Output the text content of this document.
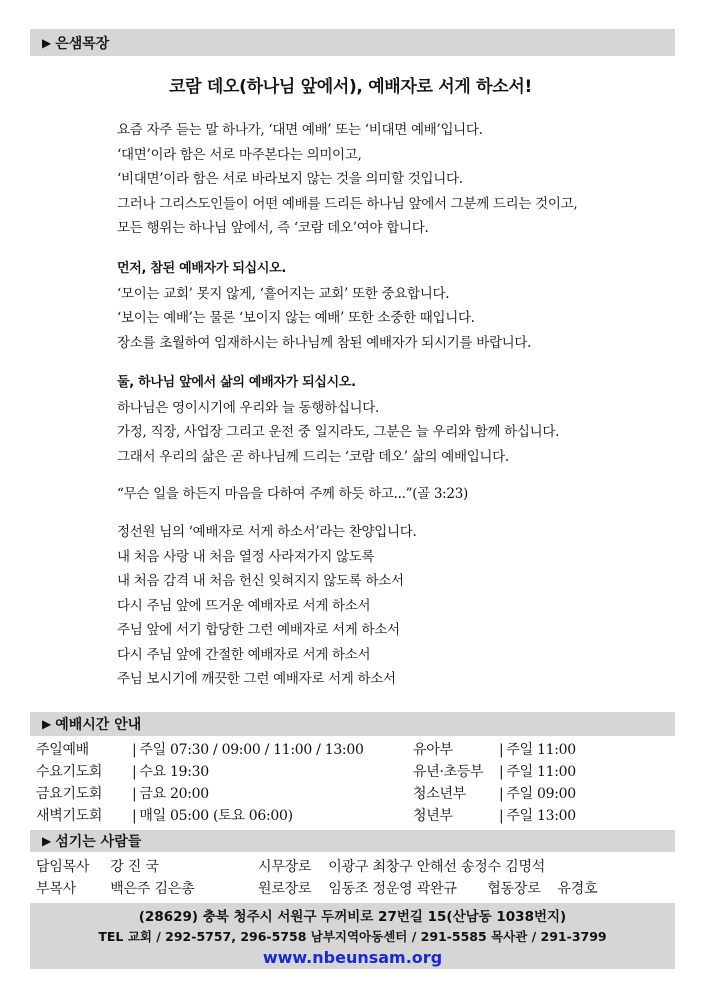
▶ 은샘목장
코람 데오(하나님 앞에서), 예배자로 서게 하소서!
요즘 자주 듣는 말 하나가, ‘대면 예배’ 또는 ‘비대면 예배’입니다.
‘대면’이라 함은 서로 마주본다는 의미이고,
‘비대면’이라 함은 서로 바라보지 않는 것을 의미할 것입니다.
그러나 그리스도인들이 어떤 예배를 드리든 하나님 앞에서 그분께 드리는 것이고,
모든 행위는 하나님 앞에서, 즉 ‘코람 데오’여야 합니다.
먼저, 참된 예배자가 되십시오.
‘모이는 교회’ 못지 않게, ‘흩어지는 교회’ 또한 중요합니다.
‘보이는 예배’는 물론 ‘보이지 않는 예배’ 또한 소중한 때입니다.
장소를 초월하여 임재하시는 하나님께 참된 예배자가 되시기를 바랍니다.
둘, 하나님 앞에서 삶의 예배자가 되십시오.
하나님은 영이시기에 우리와 늘 동행하십니다.
가정, 직장, 사업장 그리고 운전 중 일지라도, 그분은 늘 우리와 함께 하십니다.
그래서 우리의 삶은 곧 하나님께 드리는 ‘코람 데오’ 삶의 예배입니다.
“무슨 일을 하든지 마음을 다하여 주께 하듯 하고...”(골 3:23)
정선원 님의 ‘예배자로 서게 하소서’라는 찬양입니다.
내 처음 사랑 내 처음 열정 사라져가지 않도록
내 처음 감격 내 처음 헌신 잊혀지지 않도록 하소서
다시 주님 앞에 뜨거운 예배자로 서게 하소서
주님 앞에 서기 합당한 그런 예배자로 서게 하소서
다시 주님 앞에 간절한 예배자로 서게 하소서
주님 보시기에 깨끗한 그런 예배자로 서게 하소서
▶ 예배시간 안내
주일예배	| 주일 07:30 / 09:00 / 11:00 / 13:00
수요기도회	| 수요 19:30
금요기도회	| 금요 20:00
새벽기도회	| 매일 05:00 (토요 06:00)
유아부	| 주일 11:00
유년·초등부	| 주일 11:00
청소년부	| 주일 09:00
청년부	| 주일 13:00
▶ 섬기는 사람들
담임목사 강 진 국
부목사 백은주 김은총
시무장로 이광구 최창구 안해선 송정수 김명석
원로장로 임동조 정운영 곽완규 협동장로 유경호
(28629) 충북 청주시 서원구 두꺼비로 27번길 15(산남동 1038번지)
TEL 교회 / 292-5757, 296-5758 남부지역아동센터 / 291-5585 목사관 / 291-3799
www.nbeunsam.org
